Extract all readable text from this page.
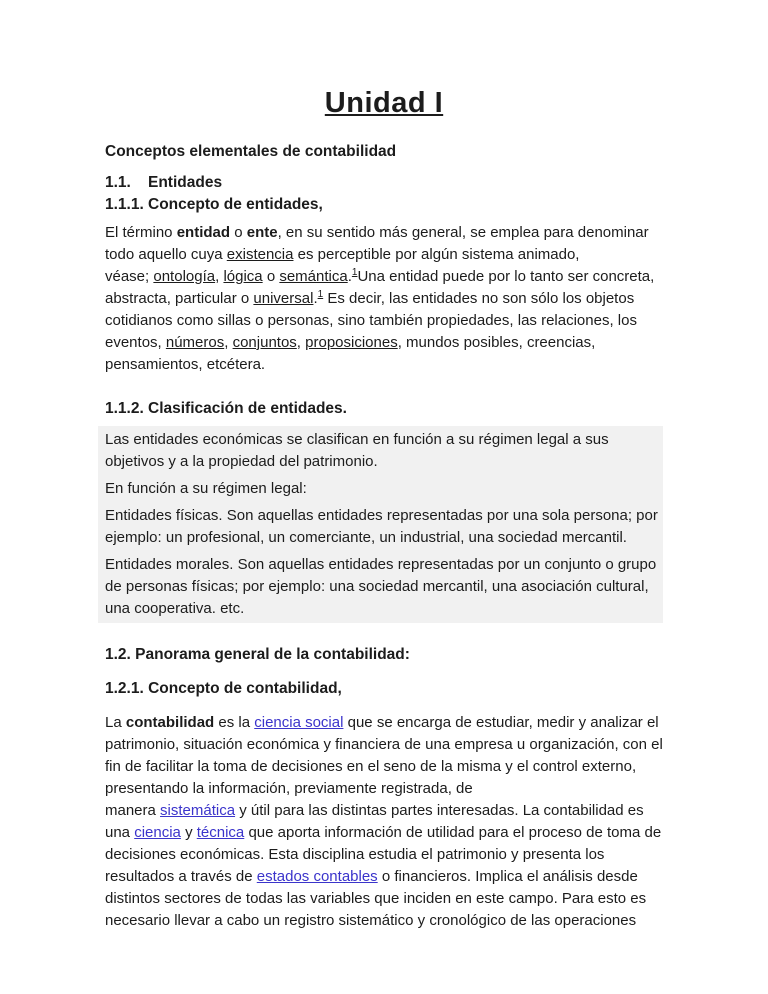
Unidad I
Conceptos elementales de contabilidad
1.1. Entidades
1.1.1. Concepto de entidades,
El término entidad o ente, en su sentido más general, se emplea para denominar todo aquello cuya existencia es perceptible por algún sistema animado,
véase; ontología, lógica o semántica.$^1$Una entidad puede por lo tanto ser concreta, abstracta, particular o universal.$^1$ Es decir, las entidades no son sólo los objetos cotidianos como sillas o personas, sino también propiedades, las relaciones, los eventos, números, conjuntos, proposiciones, mundos posibles, creencias, pensamientos, etcétera.
1.1.2. Clasificación de entidades.
Las entidades económicas se clasifican en función a su régimen legal a sus objetivos y a la propiedad del patrimonio.
En función a su régimen legal:
Entidades físicas. Son aquellas entidades representadas por una sola persona; por ejemplo: un profesional, un comerciante, un industrial, una sociedad mercantil.
Entidades morales. Son aquellas entidades representadas por un conjunto o grupo de personas físicas; por ejemplo: una sociedad mercantil, una asociación cultural, una cooperativa. etc.
1.2. Panorama general de la contabilidad:
1.2.1. Concepto de contabilidad,
La contabilidad es la ciencia social que se encarga de estudiar, medir y analizar el patrimonio, situación económica y financiera de una empresa u organización, con el fin de facilitar la toma de decisiones en el seno de la misma y el control externo, presentando la información, previamente registrada, de
manera sistemática y útil para las distintas partes interesadas. La contabilidad es una ciencia y técnica que aporta información de utilidad para el proceso de toma de decisiones económicas. Esta disciplina estudia el patrimonio y presenta los resultados a través de estados contables o financieros. Implica el análisis desde distintos sectores de todas las variables que inciden en este campo. Para esto es necesario llevar a cabo un registro sistemático y cronológico de las operaciones
